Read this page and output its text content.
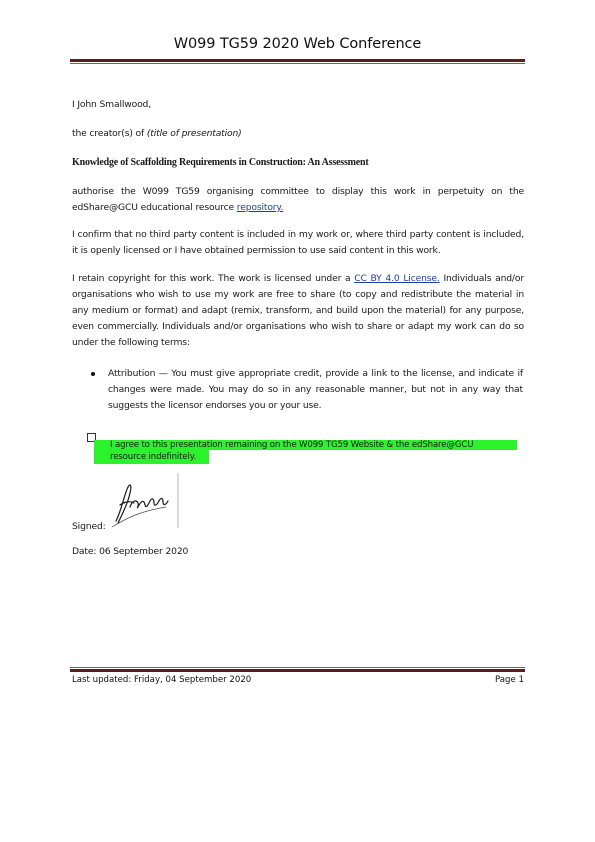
W099 TG59 2020 Web Conference
I John Smallwood,
the creator(s) of (title of presentation)
Knowledge of Scaffolding Requirements in Construction: An Assessment
authorise the W099 TG59 organising committee to display this work in perpetuity on the edShare@GCU educational resource repository.
I confirm that no third party content is included in my work or, where third party content is included, it is openly licensed or I have obtained permission to use said content in this work.
I retain copyright for this work. The work is licensed under a CC BY 4.0 License. Individuals and/or organisations who wish to use my work are free to share (to copy and redistribute the material in any medium or format) and adapt (remix, transform, and build upon the material) for any purpose, even commercially. Individuals and/or organisations who wish to share or adapt my work can do so under the following terms:
Attribution — You must give appropriate credit, provide a link to the license, and indicate if changes were made. You may do so in any reasonable manner, but not in any way that suggests the licensor endorses you or your use.
I agree to this presentation remaining on the W099 TG59 Website & the edShare@GCU
resource indefinitely.
Signed:
Date: 06 September 2020
Last updated: Friday, 04 September 2020	Page 1
